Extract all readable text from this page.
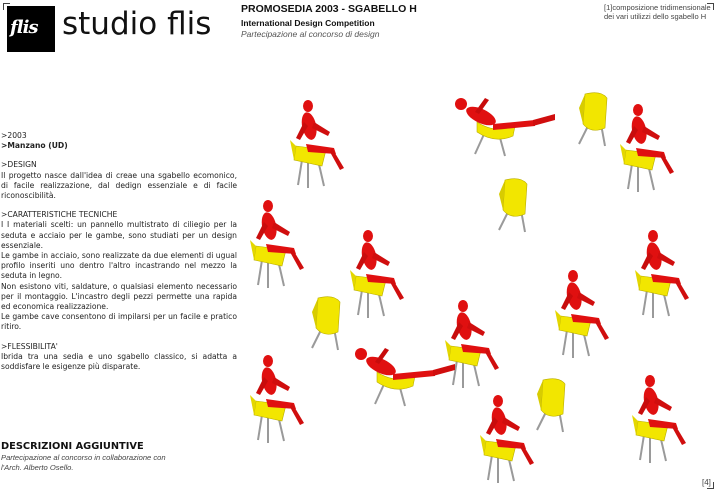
flis studio flis	PROMOSEDIA 2003 - SGABELLO H
International Design Competition
Partecipazione al concorso di design
[1]composizione tridimensionale dei vari utilizzi dello sgabello H
>2003
>Manzano (UD)
>DESIGN
Il progetto nasce dall'idea di creae una sgabello ecomonico, di facile realizzazione, dal dedign essenziale e di facile riconoscibilità.
>CARATTERISTICHE TECNICHE
I I materiali scelti: un pannello multistrato di ciliegio per la seduta e acciaio per le gambe, sono studiati per un design essenziale.
Le gambe in acciaio, sono realizzate da due elementi di ugual profilo inseriti uno dentro l'altro incastrando nel mezzo la seduta in legno.
Non esistono viti, saldature, o qualsiasi elemento necessario per il montaggio. L'incastro degli pezzi permette una rapida ed economica realizzazione.
Le gambe cave consentono di impilarsi per un facile e pratico ritiro.
>FLESSIBILITA'
Ibrida tra una sedia e uno sgabello classico, si adatta a soddisfare le esigenze più disparate.
DESCRIZIONI AGGIUNTIVE
Partecipazione al concorso in collaborazione con
l'Arch. Alberto Osello.
[4]
